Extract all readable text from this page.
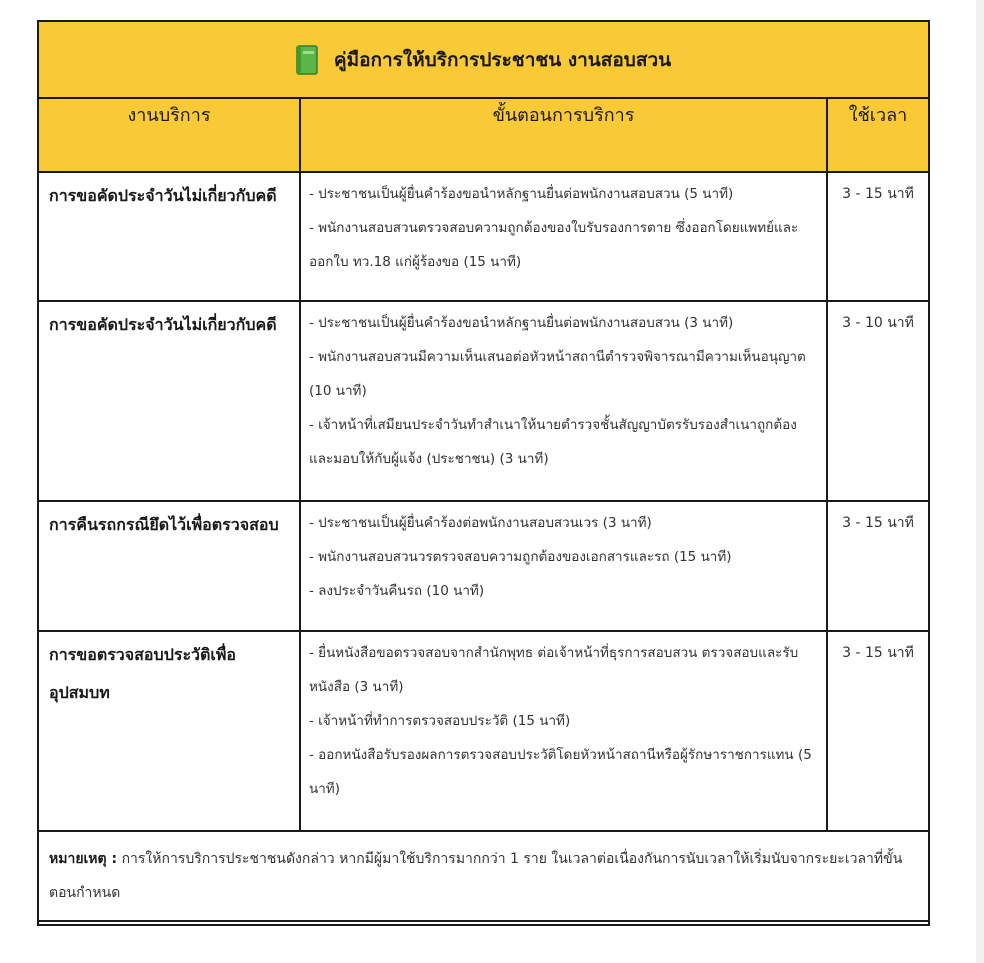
คู่มือการให้บริการประชาชน งานสอบสวน
งานบริการ	ขั้นตอนการบริการ	ใช้เวลา
การขอคัดประจำวันไม่เกี่ยวกับคดี	- ประชาชนเป็นผู้ยื่นคำร้องขอนำหลักฐานยื่นต่อพนักงานสอบสวน (5 นาที)
- พนักงานสอบสวนตรวจสอบความถูกต้องของใบรับรองการตาย ซึ่งออกโดยแพทย์และออกใบ ทว.18 แก่ผู้ร้องขอ (15 นาที)	3 - 15 นาที
การขอคัดประจำวันไม่เกี่ยวกับคดี	- ประชาชนเป็นผู้ยื่นคำร้องขอนำหลักฐานยื่นต่อพนักงานสอบสวน (3 นาที)
- พนักงานสอบสวนมีความเห็นเสนอต่อหัวหน้าสถานีตำรวจพิจารณามีความเห็นอนุญาต (10 นาที)
- เจ้าหน้าที่เสมียนประจำวันทำสำเนาให้นายตำรวจชั้นสัญญาบัตรรับรองสำเนาถูกต้องและมอบให้กับผู้แจ้ง (ประชาชน) (3 นาที)	3 - 10 นาที
การคืนรถกรณียึดไว้เพื่อตรวจสอบ	- ประชาชนเป็นผู้ยื่นคำร้องต่อพนักงานสอบสวนเวร (3 นาที)
- พนักงานสอบสวนวรตรวจสอบความถูกต้องของเอกสารและรถ (15 นาที)
- ลงประจำวันคืนรถ (10 นาที)	3 - 15 นาที
การขอตรวจสอบประวัติเพื่ออุปสมบท	- ยื่นหนังสือขอตรวจสอบจากสำนักพุทธ ต่อเจ้าหน้าที่ธุรการสอบสวน ตรวจสอบและรับหนังสือ (3 นาที)
- เจ้าหน้าที่ทำการตรวจสอบประวัติ (15 นาที)
- ออกหนังสือรับรองผลการตรวจสอบประวัติโดยหัวหน้าสถานีหรือผู้รักษาราชการแทน (5 นาที)	3 - 15 นาที
หมายเหตุ : การให้การบริการประชาชนดังกล่าว หากมีผู้มาใช้บริการมากกว่า 1 ราย ในเวลาต่อเนื่องกันการนับเวลาให้เริ่มนับจากระยะเวลาที่ขั้นตอนกำหนด		
